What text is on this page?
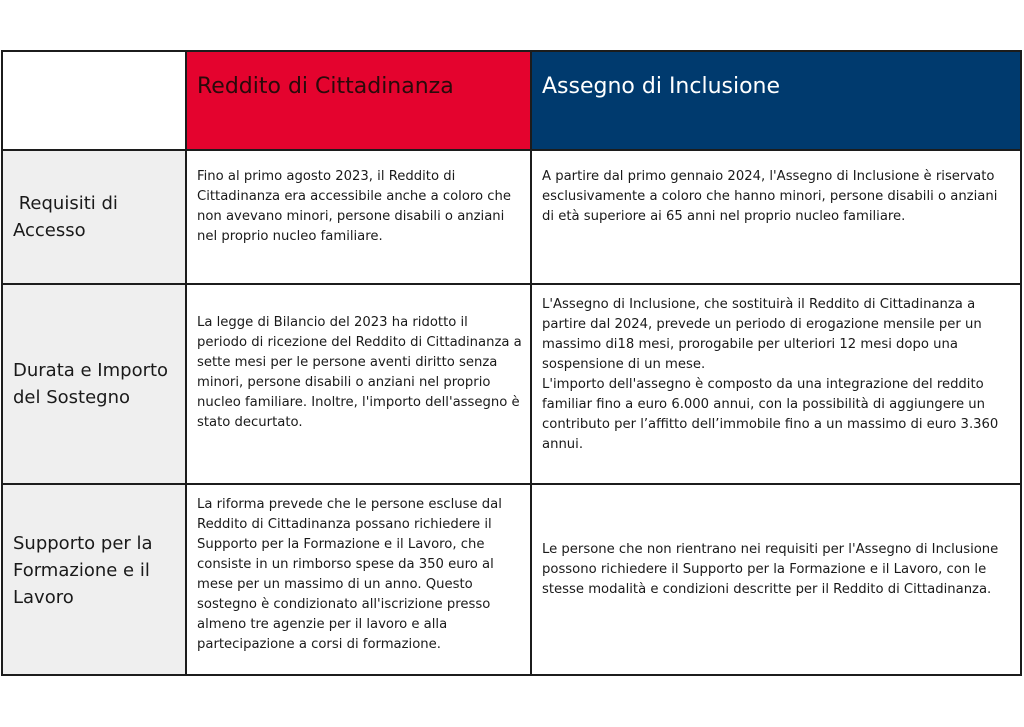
Reddito di Cittadinanza	Assegno di Inclusione
Requisiti di Accesso

Fino al primo agosto 2023, il Reddito di Cittadinanza era accessibile anche a coloro che non avevano minori, persone disabili o anziani nel proprio nucleo familiare.

A partire dal primo gennaio 2024, l'Assegno di Inclusione è riservato esclusivamente a coloro che hanno minori, persone disabili o anziani di età superiore ai 65 anni nel proprio nucleo familiare.

Durata e Importo del Sostegno

La legge di Bilancio del 2023 ha ridotto il periodo di ricezione del Reddito di Cittadinanza a sette mesi per le persone aventi diritto senza minori, persone disabili o anziani nel proprio nucleo familiare. Inoltre, l'importo dell'assegno è stato decurtato.

L'Assegno di Inclusione, che sostituirà il Reddito di Cittadinanza a partire dal 2024, prevede un periodo di erogazione mensile per un massimo di18 mesi, prorogabile per ulteriori 12 mesi dopo una sospensione di un mese.

L'importo dell'assegno è composto da una integrazione del reddito familiar fino a euro 6.000 annui, con la possibilità di aggiungere un contributo per l’affitto dell’immobile fino a un massimo di euro 3.360 annui.

Supporto per la Formazione e il Lavoro

La riforma prevede che le persone escluse dal Reddito di Cittadinanza possano richiedere il Supporto per la Formazione e il Lavoro, che consiste in un rimborso spese da 350 euro al mese per un massimo di un anno. Questo sostegno è condizionato all'iscrizione presso almeno tre agenzie per il lavoro e alla partecipazione a corsi di formazione.

Le persone che non rientrano nei requisiti per l'Assegno di Inclusione possono richiedere il Supporto per la Formazione e il Lavoro, con le stesse modalità e condizioni descritte per il Reddito di Cittadinanza.
